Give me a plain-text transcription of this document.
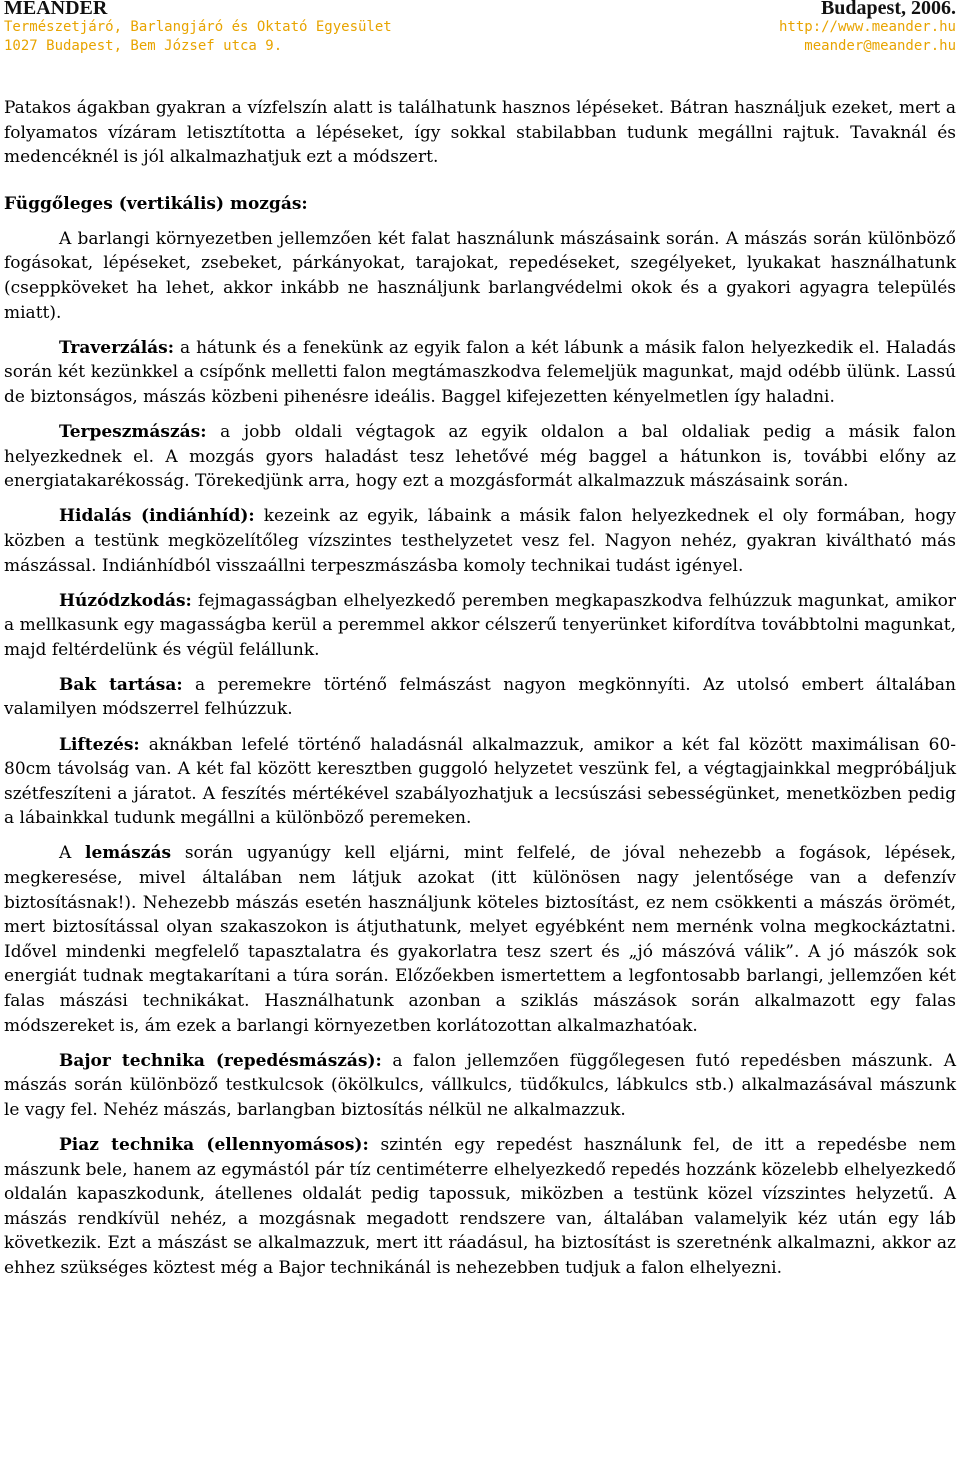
MEANDER
Természetjáró, Barlangjáró és Oktató Egyesület
1027 Budapest, Bem József utca 9.
Budapest, 2006.
http://www.meander.hu
meander@meander.hu

Patakos ágakban gyakran a vízfelszín alatt is találhatunk hasznos lépéseket. Bátran használjuk ezeket, mert a folyamatos vízáram letisztította a lépéseket, így sokkal stabilabban tudunk megállni rajtuk. Tavaknál és medencéknél is jól alkalmazhatjuk ezt a módszert.

Függőleges (vertikális) mozgás:

A barlangi környezetben jellemzően két falat használunk mászásaink során. A mászás során különböző fogásokat, lépéseket, zsebeket, párkányokat, tarajokat, repedéseket, szegélyeket, lyukakat használhatunk (cseppköveket ha lehet, akkor inkább ne használjunk barlangvédelmi okok és a gyakori agyagra település miatt).

Traverzálás: a hátunk és a fenekünk az egyik falon a két lábunk a másik falon helyezkedik el. Haladás során két kezünkkel a csípőnk melletti falon megtámaszkodva felemeljük magunkat, majd odébb ülünk. Lassú de biztonságos, mászás közbeni pihenésre ideális. Baggel kifejezetten kényelmetlen így haladni.

Terpeszmászás: a jobb oldali végtagok az egyik oldalon a bal oldaliak pedig a másik falon helyezkednek el. A mozgás gyors haladást tesz lehetővé még baggel a hátunkon is, további előny az energiatakarékosság. Törekedjünk arra, hogy ezt a mozgásformát alkalmazzuk mászásaink során.

Hidalás (indiánhíd): kezeink az egyik, lábaink a másik falon helyezkednek el oly formában, hogy közben a testünk megközelítőleg vízszintes testhelyzetet vesz fel. Nagyon nehéz, gyakran kiváltható más mászással. Indiánhídból visszaállni terpeszmászásba komoly technikai tudást igényel.

Húzódzkodás: fejmagasságban elhelyezkedő peremben megkapaszkodva felhúzzuk magunkat, amikor a mellkasunk egy magasságba kerül a peremmel akkor célszerű tenyerünket kifordítva továbbtolni magunkat, majd feltérdelünk és végül felállunk.

Bak tartása: a peremekre történő felmászást nagyon megkönnyíti. Az utolsó embert általában valamilyen módszerrel felhúzzuk.

Liftezés: aknákban lefelé történő haladásnál alkalmazzuk, amikor a két fal között maximálisan 60-80cm távolság van. A két fal között keresztben guggoló helyzetet veszünk fel, a végtagjainkkal megpróbáljuk szétfeszíteni a járatot. A feszítés mértékével szabályozhatjuk a lecsúszási sebességünket, menetközben pedig a lábainkkal tudunk megállni a különböző peremeken.

A lemászás során ugyanúgy kell eljárni, mint felfelé, de jóval nehezebb a fogások, lépések, megkeresése, mivel általában nem látjuk azokat (itt különösen nagy jelentősége van a defenzív biztosításnak!). Nehezebb mászás esetén használjunk köteles biztosítást, ez nem csökkenti a mászás örömét, mert biztosítással olyan szakaszokon is átjuthatunk, melyet egyébként nem mernénk volna megkockáztatni. Idővel mindenki megfelelő tapasztalatra és gyakorlatra tesz szert és „jó mászóvá válik”. A jó mászók sok energiát tudnak megtakarítani a túra során. Előzőekben ismertettem a legfontosabb barlangi, jellemzően két falas mászási technikákat. Használhatunk azonban a sziklás mászások során alkalmazott egy falas módszereket is, ám ezek a barlangi környezetben korlátozottan alkalmazhatóak.

Bajor technika (repedésmászás): a falon jellemzően függőlegesen futó repedésben mászunk. A mászás során különböző testkulcsok (ökölkulcs, vállkulcs, tüdőkulcs, lábkulcs stb.) alkalmazásával mászunk le vagy fel. Nehéz mászás, barlangban biztosítás nélkül ne alkalmazzuk.

Piaz technika (ellennyomásos): szintén egy repedést használunk fel, de itt a repedésbe nem mászunk bele, hanem az egymástól pár tíz centiméterre elhelyezkedő repedés hozzánk közelebb elhelyezkedő oldalán kapaszkodunk, átellenes oldalát pedig tapossuk, miközben a testünk közel vízszintes helyzetű. A mászás rendkívül nehéz, a mozgásnak megadott rendszere van, általában valamelyik kéz után egy láb következik. Ezt a mászást se alkalmazzuk, mert itt ráadásul, ha biztosítást is szeretnénk alkalmazni, akkor az ehhez szükséges köztest még a Bajor technikánál is nehezebben tudjuk a falon elhelyezni.
